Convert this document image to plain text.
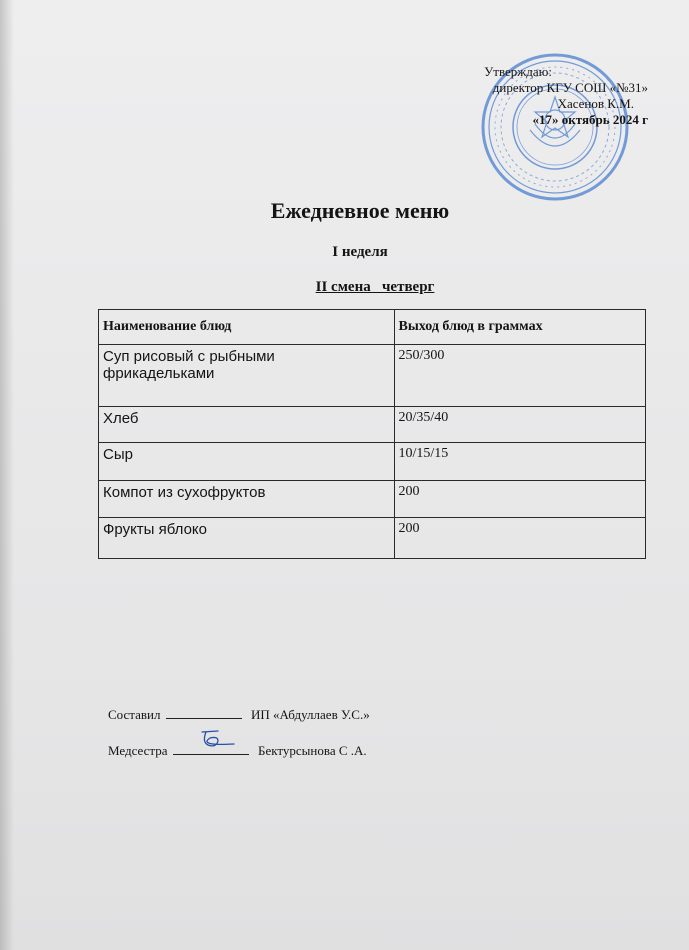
Утверждаю:
директор КГУ СОШ «№31»
Хасенов К.М.
«17» октябрь 2024 г
Ежедневное меню
I неделя
II смена   четверг
Наименование блюд	Выход блюд в граммах
Суп рисовый с рыбными фрикадельками	250/300
Хлеб	20/35/40
Сыр	10/15/15
Компот из сухофруктов	200
Фрукты яблоко	200
Составил	ИП «Абдуллаев У.С.»
Медсестра	Бектурсынова С .А.
